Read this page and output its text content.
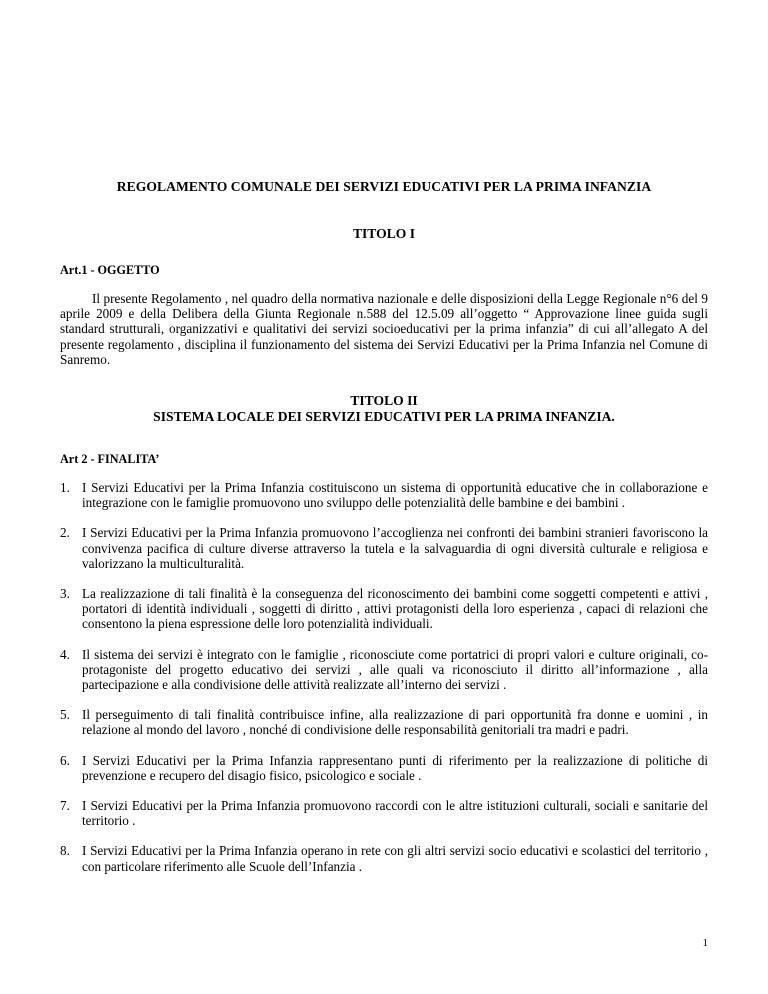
REGOLAMENTO COMUNALE DEI SERVIZI EDUCATIVI PER LA PRIMA INFANZIA
TITOLO I
Art.1 - OGGETTO
Il presente Regolamento , nel quadro della normativa nazionale e delle disposizioni della Legge Regionale n°6 del 9 aprile 2009 e della Delibera della Giunta Regionale n.588 del 12.5.09 all’oggetto “ Approvazione linee guida sugli standard strutturali, organizzativi e qualitativi dei servizi socioeducativi per la prima infanzia” di cui all’allegato A del presente regolamento , disciplina il funzionamento del sistema dei Servizi Educativi per la Prima Infanzia nel Comune di Sanremo.
TITOLO II
SISTEMA LOCALE DEI SERVIZI EDUCATIVI PER LA PRIMA INFANZIA.
Art 2 - FINALITA’
1. I Servizi Educativi per la Prima Infanzia costituiscono un sistema di opportunità educative che in collaborazione e integrazione con le famiglie promuovono uno sviluppo delle potenzialità delle bambine e dei bambini .
2. I Servizi Educativi per la Prima Infanzia promuovono l’accoglienza nei confronti dei bambini stranieri favoriscono la convivenza pacifica di culture diverse attraverso la tutela e la salvaguardia di ogni diversità culturale e religiosa e valorizzano la multiculturalità.
3. La realizzazione di tali finalità è la conseguenza del riconoscimento dei bambini come soggetti competenti e attivi , portatori di identità individuali , soggetti di diritto , attivi protagonisti della loro esperienza , capaci di relazioni che consentono la piena espressione delle loro potenzialità individuali.
4. Il sistema dei servizi è integrato con le famiglie , riconosciute come portatrici di propri valori e culture originali, co-protagoniste del progetto educativo dei servizi , alle quali va riconosciuto il diritto all’informazione , alla partecipazione e alla condivisione delle attività realizzate all’interno dei servizi .
5. Il perseguimento di tali finalità contribuisce infine, alla realizzazione di pari opportunità fra donne e uomini , in relazione al mondo del lavoro , nonché di condivisione delle responsabilità genitoriali tra madri e padri.
6. I Servizi Educativi per la Prima Infanzia rappresentano punti di riferimento per la realizzazione di politiche di prevenzione e recupero del disagio fisico, psicologico e sociale .
7. I Servizi Educativi per la Prima Infanzia promuovono raccordi con le altre istituzioni culturali, sociali e sanitarie del territorio .
8. I Servizi Educativi per la Prima Infanzia operano in rete con gli altri servizi socio educativi e scolastici del territorio , con particolare riferimento alle Scuole dell’Infanzia .
1
